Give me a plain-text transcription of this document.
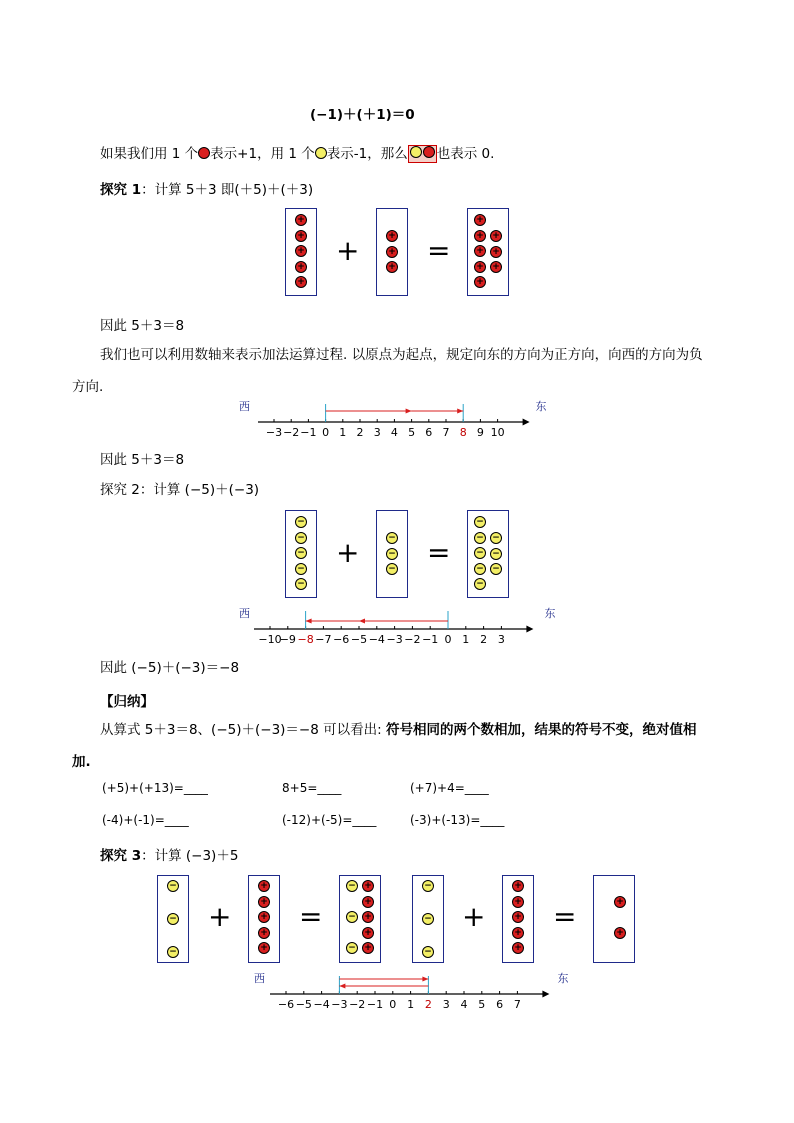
(−1)＋(＋1)＝0
如果我们用 1 个 表示+1，用 1 个 表示-1，那么 也表示 0.
探究 1：计算 5＋3 即(＋5)＋(＋3)
+ =
+ =
+ =	+ =
+
+
+
+
+
+
+
+
+
+
+
+
+
+
+
+
−
−
−
−
−
−
−
−
−
−
−
−
−
−
−
−
−
−
−
+
+
+
+
+
−
−
−
+
+
+
+
+
−
−
−
+
+
+
+
+
+
+
因此 5＋3＝8
我们也可以利用数轴来表示加法运算过程. 以原点为起点，规定向东的方向为正方向，向西的方向为负
方向.
西	东
−3 −2 −1 0 1 2 3 4 5 6 7 8 9 10
因此 5＋3＝8
探究 2：计算 (−5)＋(−3)
西	东
−10
−9 −8 −7 −6 −5 −4 −3 −2 −1 0 1 2 3
因此 (−5)＋(−3)＝−8
【归纳】
从算式 5＋3＝8、(−5)＋(−3)＝−8 可以看出: 符号相同的两个数相加，结果的符号不变，绝对值相
加.
(+5)+(+13)=____	8+5=____	(+7)+4=____
(-4)+(-1)=____	(-12)+(-5)=____	(-3)+(-13)=____
探究 3：计算 (−3)＋5
西	东
−6 −5 −4 −3 −2 −1 0 1 2 3 4 5 6 7
